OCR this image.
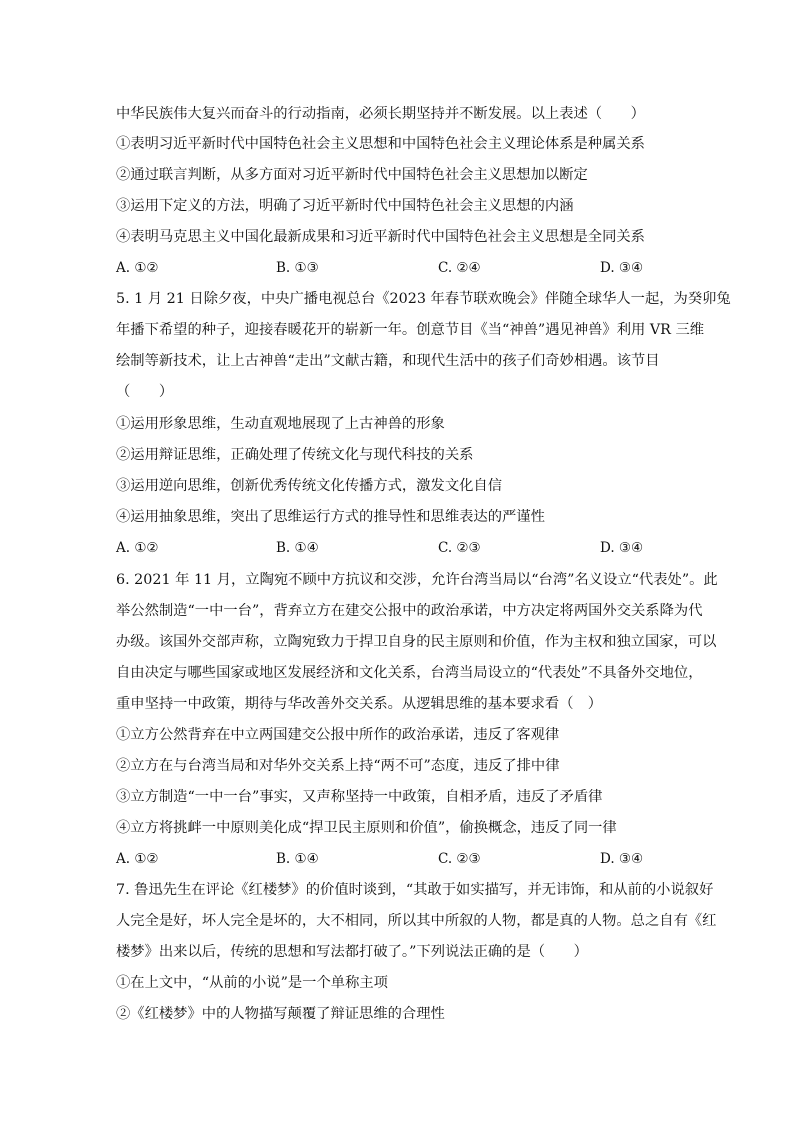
中华民族伟大复兴而奋斗的行动指南，必须长期坚持并不断发展。以上表述（　　）
①表明习近平新时代中国特色社会主义思想和中国特色社会主义理论体系是种属关系
②通过联言判断，从多方面对习近平新时代中国特色社会主义思想加以断定
③运用下定义的方法，明确了习近平新时代中国特色社会主义思想的内涵
④表明马克思主义中国化最新成果和习近平新时代中国特色社会主义思想是全同关系
A. ①②	B. ①③	C. ②④	D. ③④
5. 1 月 21 日除夕夜，中央广播电视总台《2023 年春节联欢晚会》伴随全球华人一起，为癸卯兔
年播下希望的种子，迎接春暖花开的崭新一年。创意节目《当“神兽”遇见神兽》利用 VR 三维
绘制等新技术，让上古神兽“走出”文献古籍，和现代生活中的孩子们奇妙相遇。该节目
（　　）
①运用形象思维，生动直观地展现了上古神兽的形象
②运用辩证思维，正确处理了传统文化与现代科技的关系
③运用逆向思维，创新优秀传统文化传播方式，激发文化自信
④运用抽象思维，突出了思维运行方式的推导性和思维表达的严谨性
A. ①②	B. ①④	C. ②③	D. ③④
6. 2021 年 11 月，立陶宛不顾中方抗议和交涉，允许台湾当局以“台湾”名义设立“代表处”。此
举公然制造“一中一台”，背弃立方在建交公报中的政治承诺，中方决定将两国外交关系降为代
办级。该国外交部声称，立陶宛致力于捍卫自身的民主原则和价值，作为主权和独立国家，可以
自由决定与哪些国家或地区发展经济和文化关系，台湾当局设立的“代表处”不具备外交地位，
重申坚持一中政策，期待与华改善外交关系。从逻辑思维的基本要求看（　）
①立方公然背弃在中立两国建交公报中所作的政治承诺，违反了客观律
②立方在与台湾当局和对华外交关系上持“两不可”态度，违反了排中律
③立方制造“一中一台”事实，又声称坚持一中政策，自相矛盾，违反了矛盾律
④立方将挑衅一中原则美化成“捍卫民主原则和价值”，偷换概念，违反了同一律
A. ①②	B. ①④	C. ②③	D. ③④
7. 鲁迅先生在评论《红楼梦》的价值时谈到，“其敢于如实描写，并无讳饰，和从前的小说叙好
人完全是好，坏人完全是坏的，大不相同，所以其中所叙的人物，都是真的人物。总之自有《红
楼梦》出来以后，传统的思想和写法都打破了。”下列说法正确的是（　　）
①在上文中，“从前的小说”是一个单称主项
②《红楼梦》中的人物描写颠覆了辩证思维的合理性
